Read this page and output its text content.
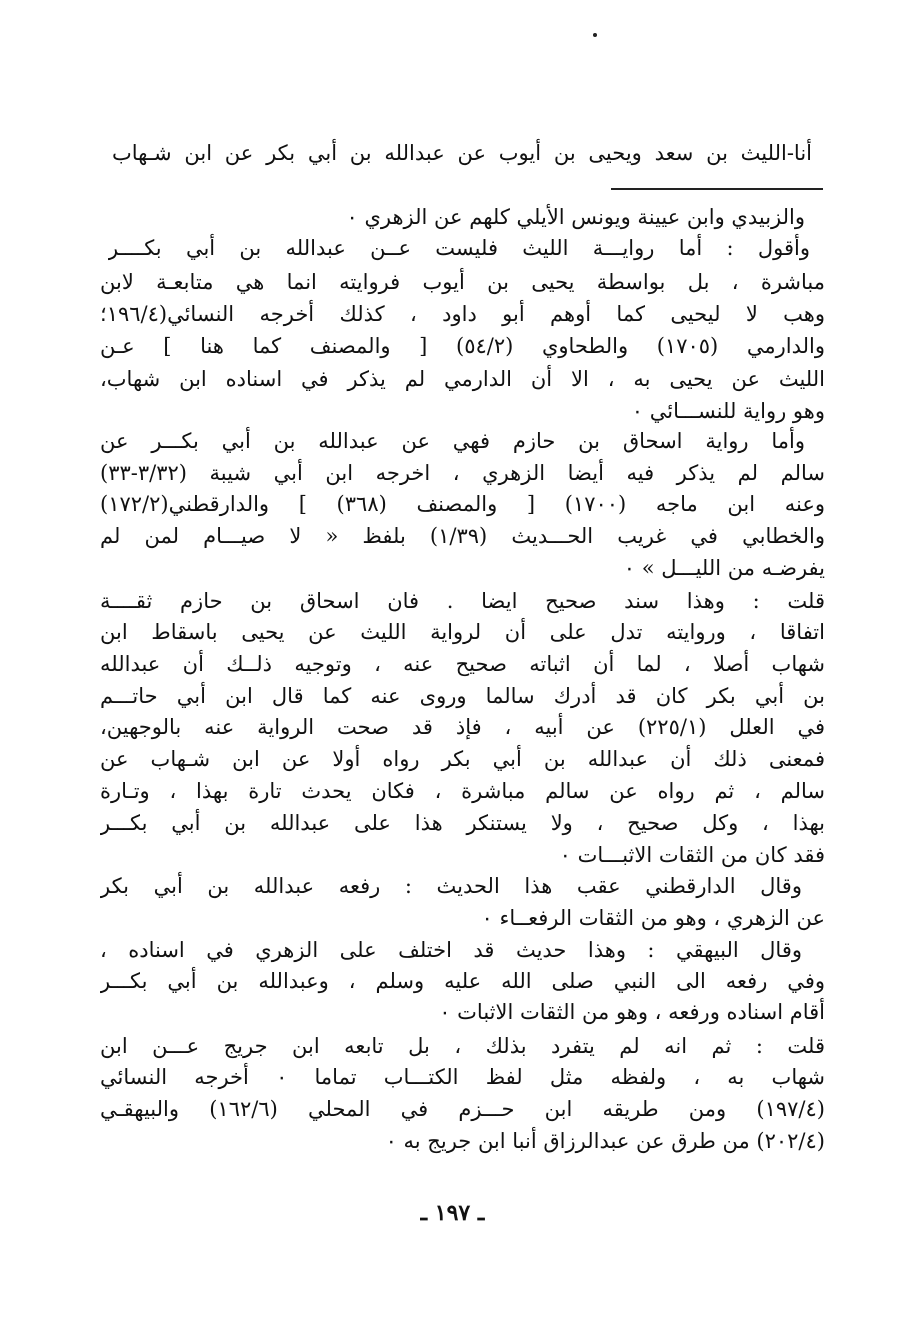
أنا-الليث بن سعد ويحيى بن أيوب عن عبدالله بن أبي بكر عن ابن شـهاب
والزبيدي وابن عيينة ويونس الأيلي كلهم عن الزهري ٠
وأقول : أما روايـــة الليث فليست عــن عبدالله بن أبي بكــــر
مباشرة ، بل بواسطة يحيى بن أيوب فروايته انما هي متابعـة لابن
وهب لا ليحيى كما أوهم أبو داود ، كذلك أخرجه النسائي(١٩٦/٤؛
والدارمي (١٧٠٥) والطحاوي (٥٤/٢) [ والمصنف كما هنا ] عـن
الليث عن يحيى به ، الا أن الدارمي لم يذكر في اسناده ابن شهاب،
وهو رواية للنســـائي ٠
وأما رواية اسحاق بن حازم فهي عن عبدالله بن أبي بكـــر عن
سالم لم يذكر فيه أيضا الزهري ، اخرجه ابن أبي شيبة (٣/٣٢-٣٣)
وعنه ابن ماجه (١٧٠٠) [ والمصنف (٣٦٨) ] والدارقطني(١٧٢/٢)
والخطابي في غريب الحـــديث (١/٣٩) بلفظ « لا صيـــام لمن لم
يفرضـه من الليـــل » ٠
قلت : وهذا سند صحيح ايضا . فان اسحاق بن حازم ثقــــة
اتفاقا ، وروايته تدل على أن لرواية الليث عن يحيى باسقاط ابن
شهاب أصلا ، لما أن اثباته صحيح عنه ، وتوجيه ذلــك أن عبدالله
بن أبي بكر كان قد أدرك سالما وروى عنه كما قال ابن أبي حاتـــم
في العلل (٢٢٥/١) عن أبيه ، فإذ قد صحت الرواية عنه بالوجهين،
فمعنى ذلك أن عبدالله بن أبي بكر رواه أولا عن ابن شـهاب عن
سالم ، ثم رواه عن سالم مباشرة ، فكان يحدث تارة بهذا ، وتـارة
بهذا ، وكل صحيح ، ولا يستنكر هذا على عبدالله بن أبي بكـــر
فقد كان من الثقات الاثبـــات ٠
وقال الدارقطني عقب هذا الحديث : رفعه عبدالله بن أبي بكر
عن الزهري ، وهو من الثقات الرفعــاء ٠
وقال البيهقي : وهذا حديث قد اختلف على الزهري في اسناده ،
وفي رفعه الى النبي صلى الله عليه وسلم ، وعبدالله بن أبي بكـــر
أقام اسناده ورفعه ، وهو من الثقات الاثبات ٠
قلت : ثم انه لم يتفرد بذلك ، بل تابعه ابن جريج عـــن ابن
شهاب به ، ولفظه مثل لفظ الكتـــاب تماما ٠ أخرجه النسائي
(١٩٧/٤) ومن طريقه ابن حـــزم في المحلي (١٦٢/٦) والبيهقـي
(٢٠٢/٤) من طرق عن عبدالرزاق أنبا ابن جريج به ٠
ـ ١٩٧ ـ
